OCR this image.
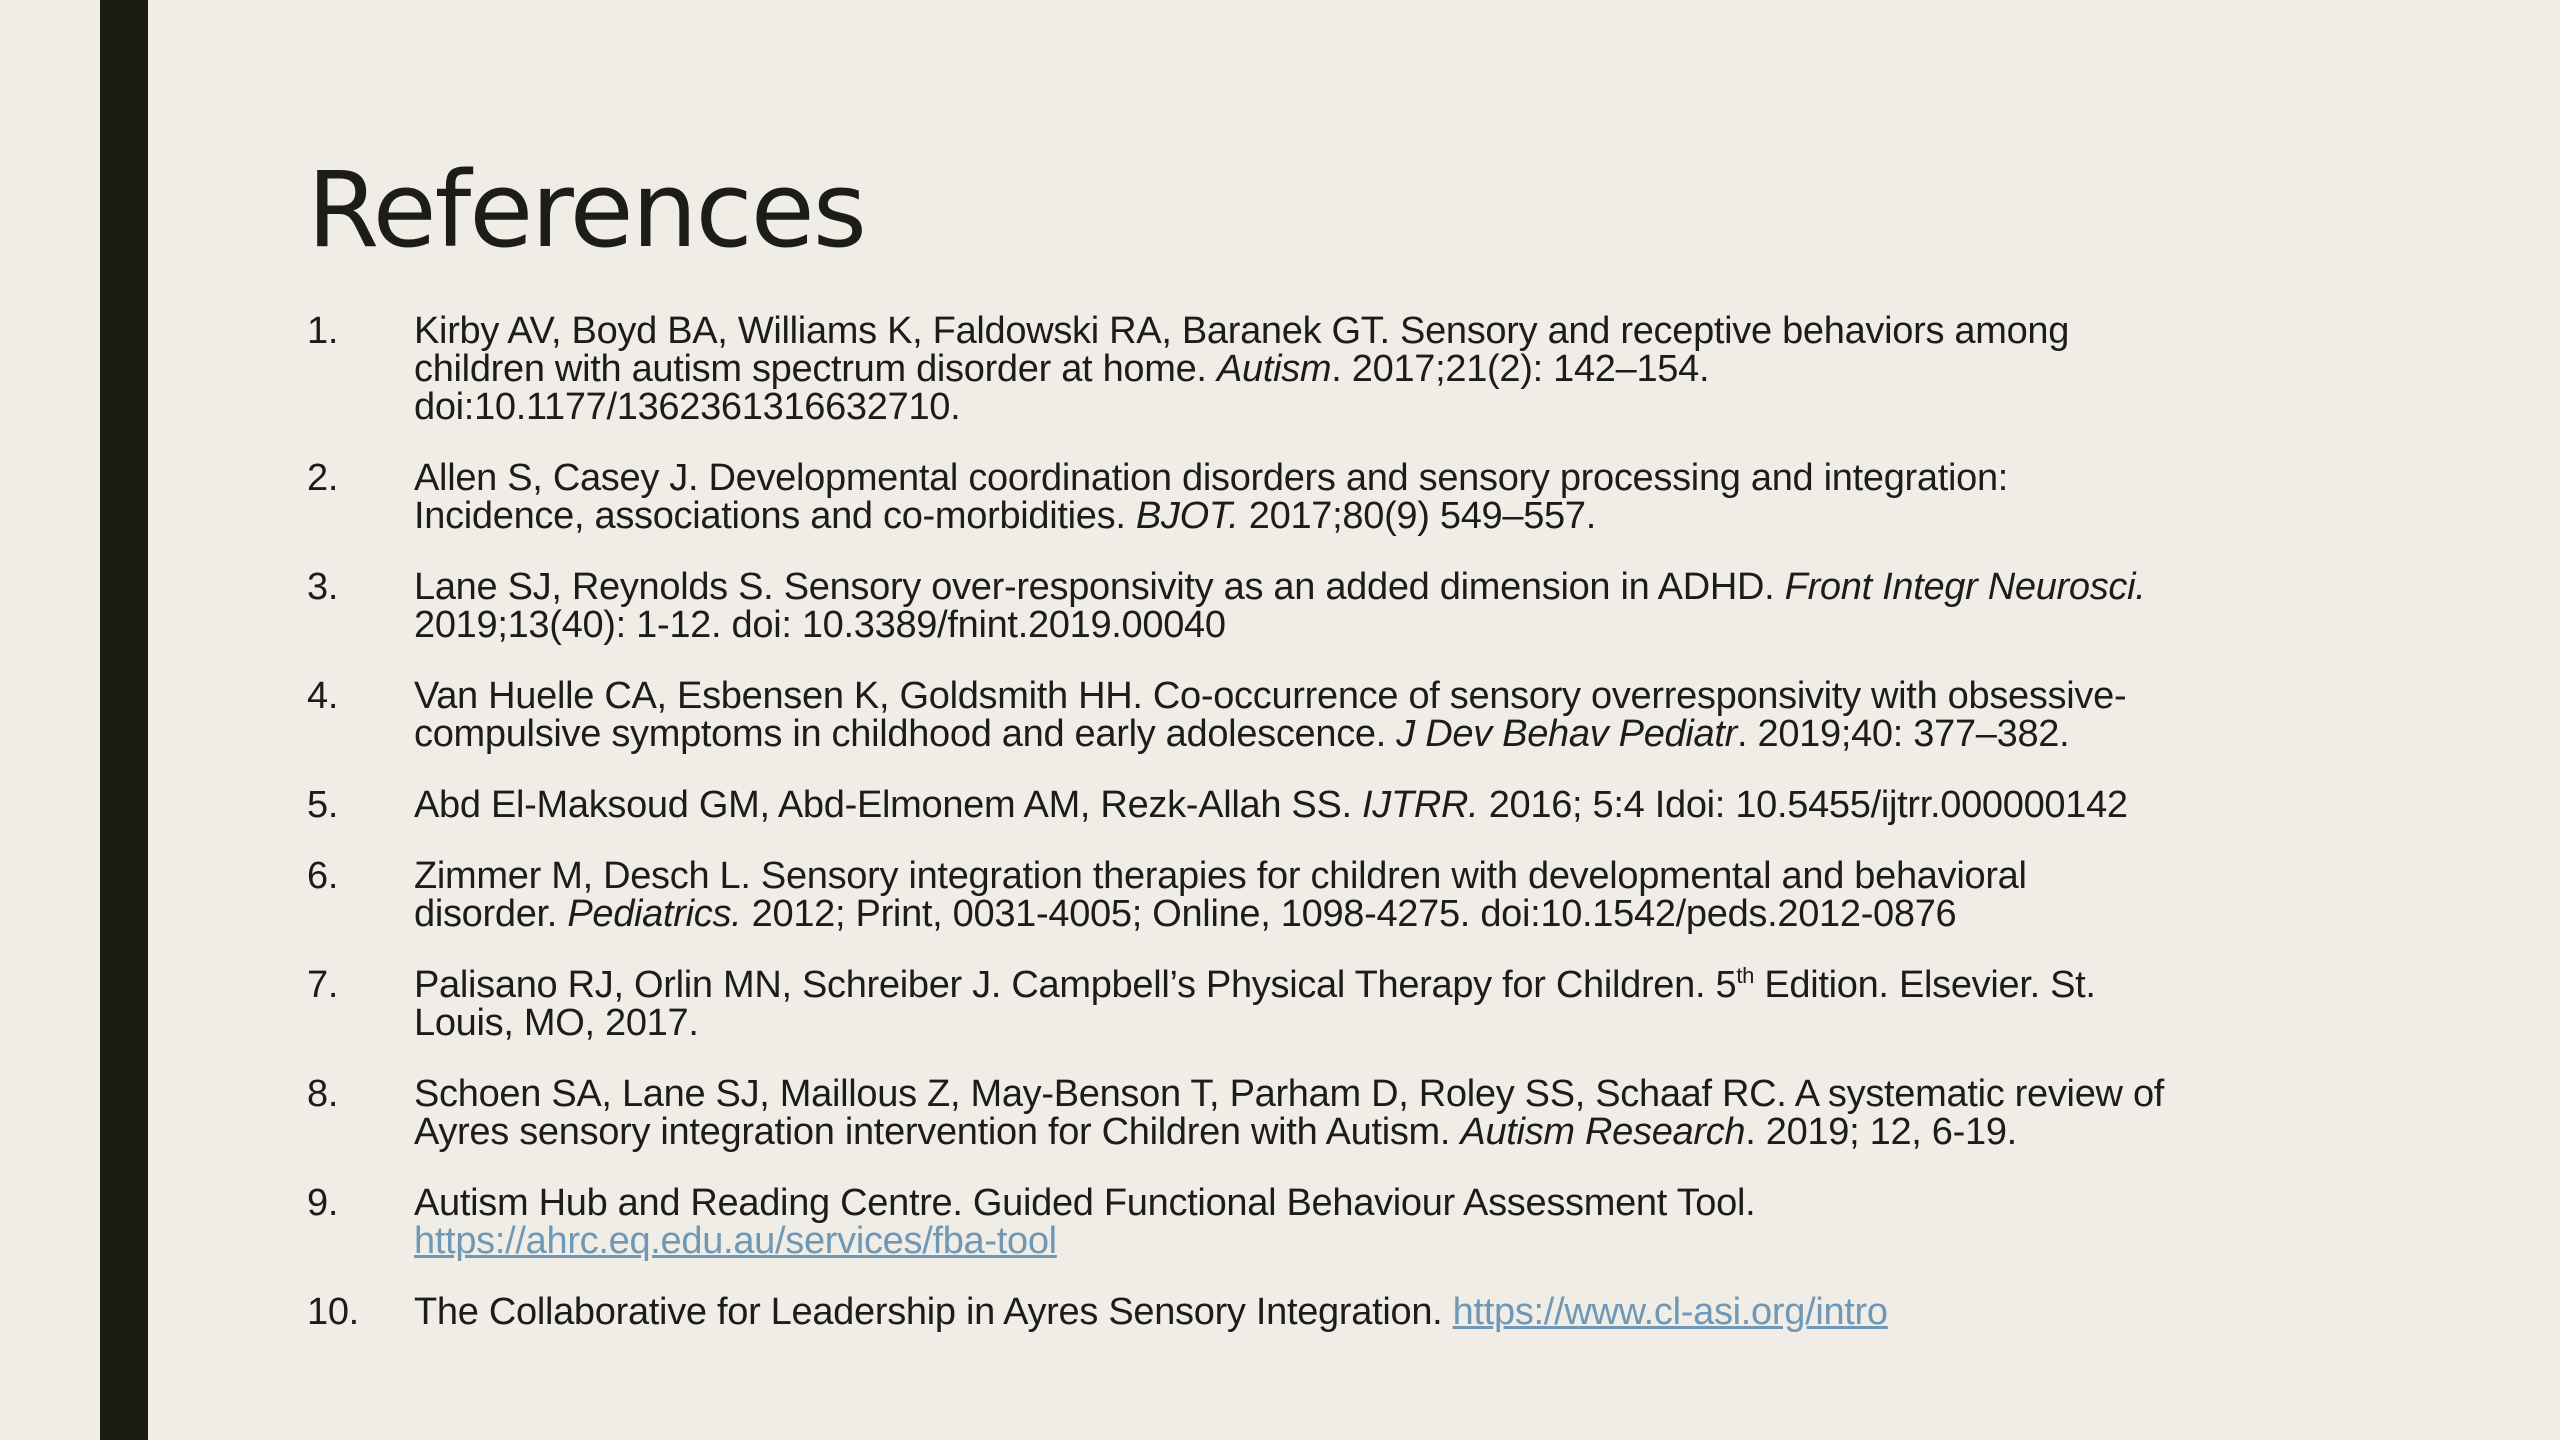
References
1. Kirby AV, Boyd BA, Williams K, Faldowski RA, Baranek GT. Sensory and receptive behaviors among
children with autism spectrum disorder at home. Autism. 2017;21(2): 142–154.
doi:10.1177/1362361316632710.
2. Allen S, Casey J. Developmental coordination disorders and sensory processing and integration:
Incidence, associations and co-morbidities. BJOT. 2017;80(9) 549–557.
3. Lane SJ, Reynolds S. Sensory over-responsivity as an added dimension in ADHD. Front Integr Neurosci.
2019;13(40): 1-12. doi: 10.3389/fnint.2019.00040
4. Van Huelle CA, Esbensen K, Goldsmith HH. Co-occurrence of sensory overresponsivity with obsessive-
compulsive symptoms in childhood and early adolescence. J Dev Behav Pediatr. 2019;40: 377–382.
5. Abd El-Maksoud GM, Abd-Elmonem AM, Rezk-Allah SS. IJTRR. 2016; 5:4 Idoi: 10.5455/ijtrr.000000142
6. Zimmer M, Desch L. Sensory integration therapies for children with developmental and behavioral
disorder. Pediatrics. 2012; Print, 0031-4005; Online, 1098-4275. doi:10.1542/peds.2012-0876
7. Palisano RJ, Orlin MN, Schreiber J. Campbell’s Physical Therapy for Children. 5th Edition. Elsevier. St.
Louis, MO, 2017.
8. Schoen SA, Lane SJ, Maillous Z, May-Benson T, Parham D, Roley SS, Schaaf RC. A systematic review of
Ayres sensory integration intervention for Children with Autism. Autism Research. 2019; 12, 6-19.
9. Autism Hub and Reading Centre. Guided Functional Behaviour Assessment Tool.
https://ahrc.eq.edu.au/services/fba-tool
10. The Collaborative for Leadership in Ayres Sensory Integration. https://www.cl-asi.org/intro
